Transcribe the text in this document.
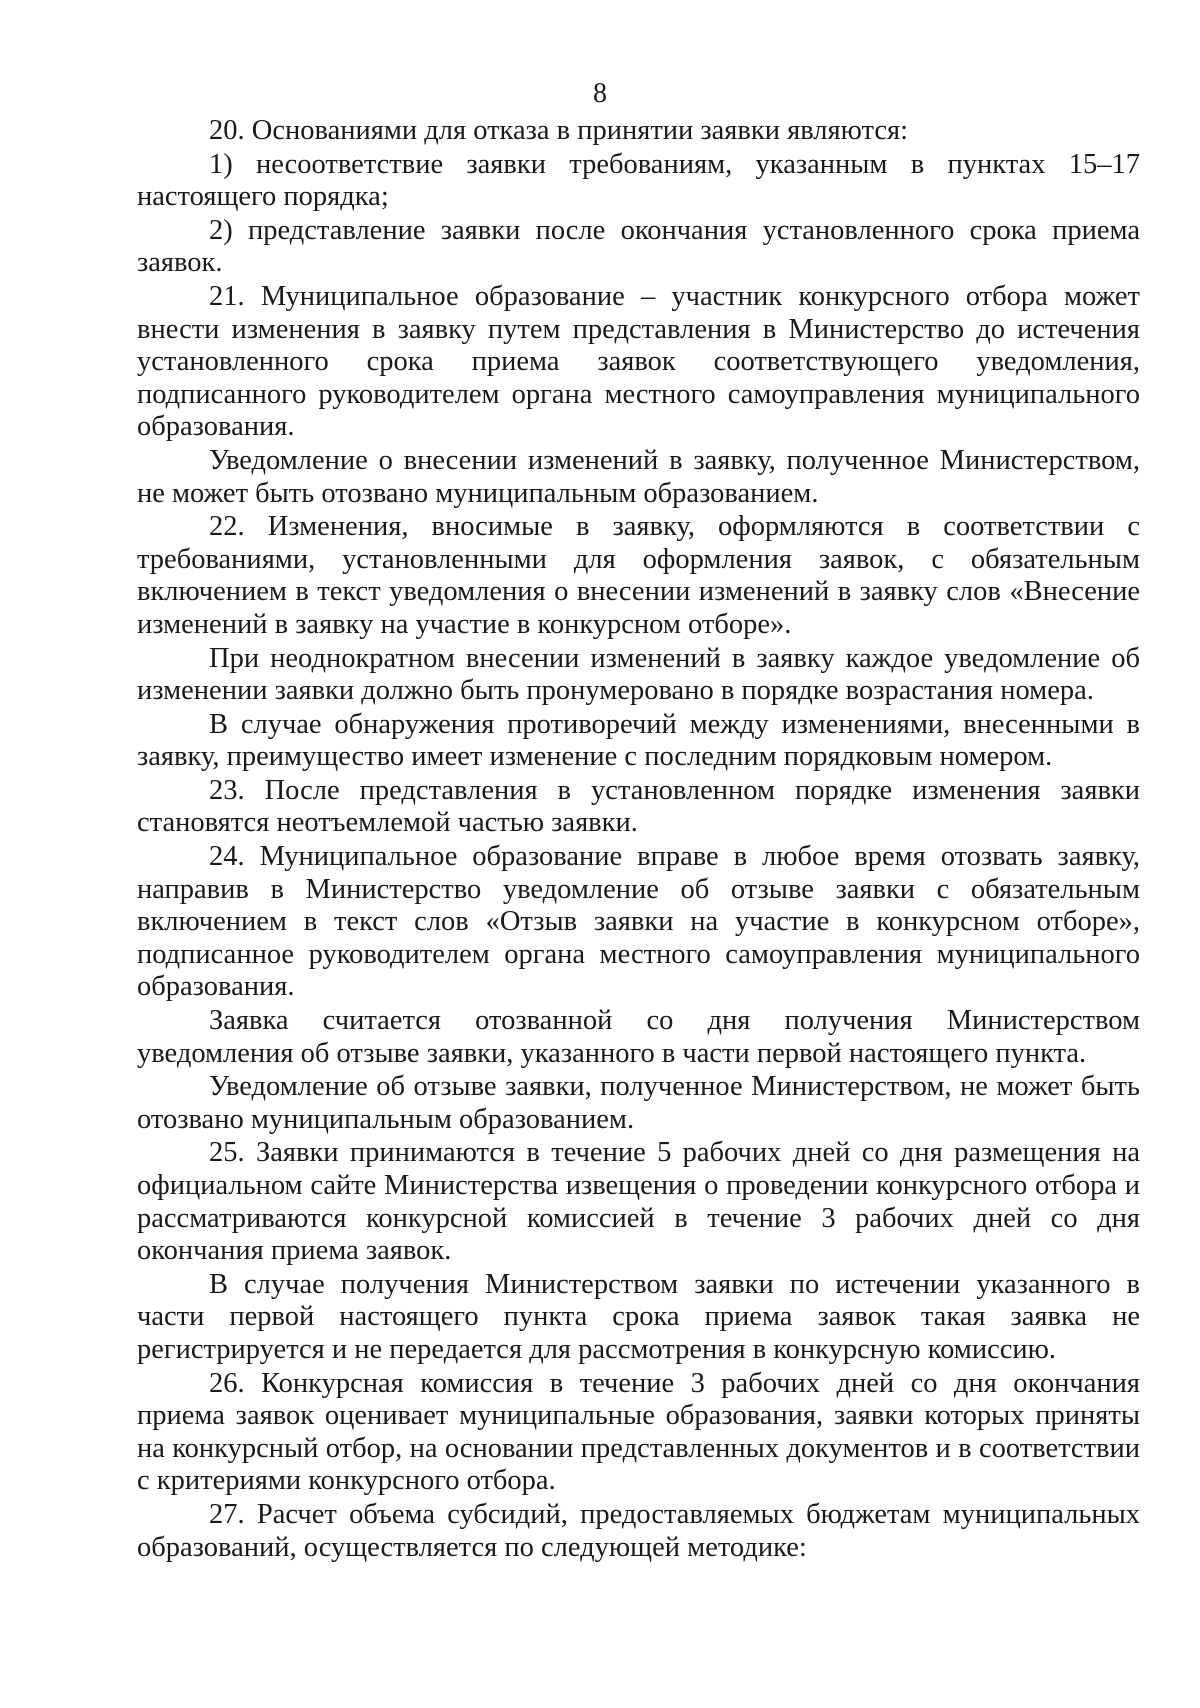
8

20. Основаниями для отказа в принятии заявки являются:

1) несоответствие заявки требованиям, указанным в пунктах 15–17 настоящего порядка;

2) представление заявки после окончания установленного срока приема заявок.

21. Муниципальное образование – участник конкурсного отбора может внести изменения в заявку путем представления в Министерство до истечения установленного срока приема заявок соответствующего уведомления, подписанного руководителем органа местного самоуправления муниципального образования.

Уведомление о внесении изменений в заявку, полученное Министерством, не может быть отозвано муниципальным образованием.

22. Изменения, вносимые в заявку, оформляются в соответствии с требованиями, установленными для оформления заявок, с обязательным включением в текст уведомления о внесении изменений в заявку слов «Внесение изменений в заявку на участие в конкурсном отборе».

При неоднократном внесении изменений в заявку каждое уведомление об изменении заявки должно быть пронумеровано в порядке возрастания номера.

В случае обнаружения противоречий между изменениями, внесенными в заявку, преимущество имеет изменение с последним порядковым номером.

23. После представления в установленном порядке изменения заявки становятся неотъемлемой частью заявки.

24. Муниципальное образование вправе в любое время отозвать заявку, направив в Министерство уведомление об отзыве заявки с обязательным включением в текст слов «Отзыв заявки на участие в конкурсном отборе», подписанное руководителем органа местного самоуправления муниципального образования.

Заявка считается отозванной со дня получения Министерством уведомления об отзыве заявки, указанного в части первой настоящего пункта.

Уведомление об отзыве заявки, полученное Министерством, не может быть отозвано муниципальным образованием.

25. Заявки принимаются в течение 5 рабочих дней со дня размещения на официальном сайте Министерства извещения о проведении конкурсного отбора и рассматриваются конкурсной комиссией в течение 3 рабочих дней со дня окончания приема заявок.

В случае получения Министерством заявки по истечении указанного в части первой настоящего пункта срока приема заявок такая заявка не регистрируется и не передается для рассмотрения в конкурсную комиссию.

26. Конкурсная комиссия в течение 3 рабочих дней со дня окончания приема заявок оценивает муниципальные образования, заявки которых приняты на конкурсный отбор, на основании представленных документов и в соответствии с критериями конкурсного отбора.

27. Расчет объема субсидий, предоставляемых бюджетам муниципальных образований, осуществляется по следующей методике:
